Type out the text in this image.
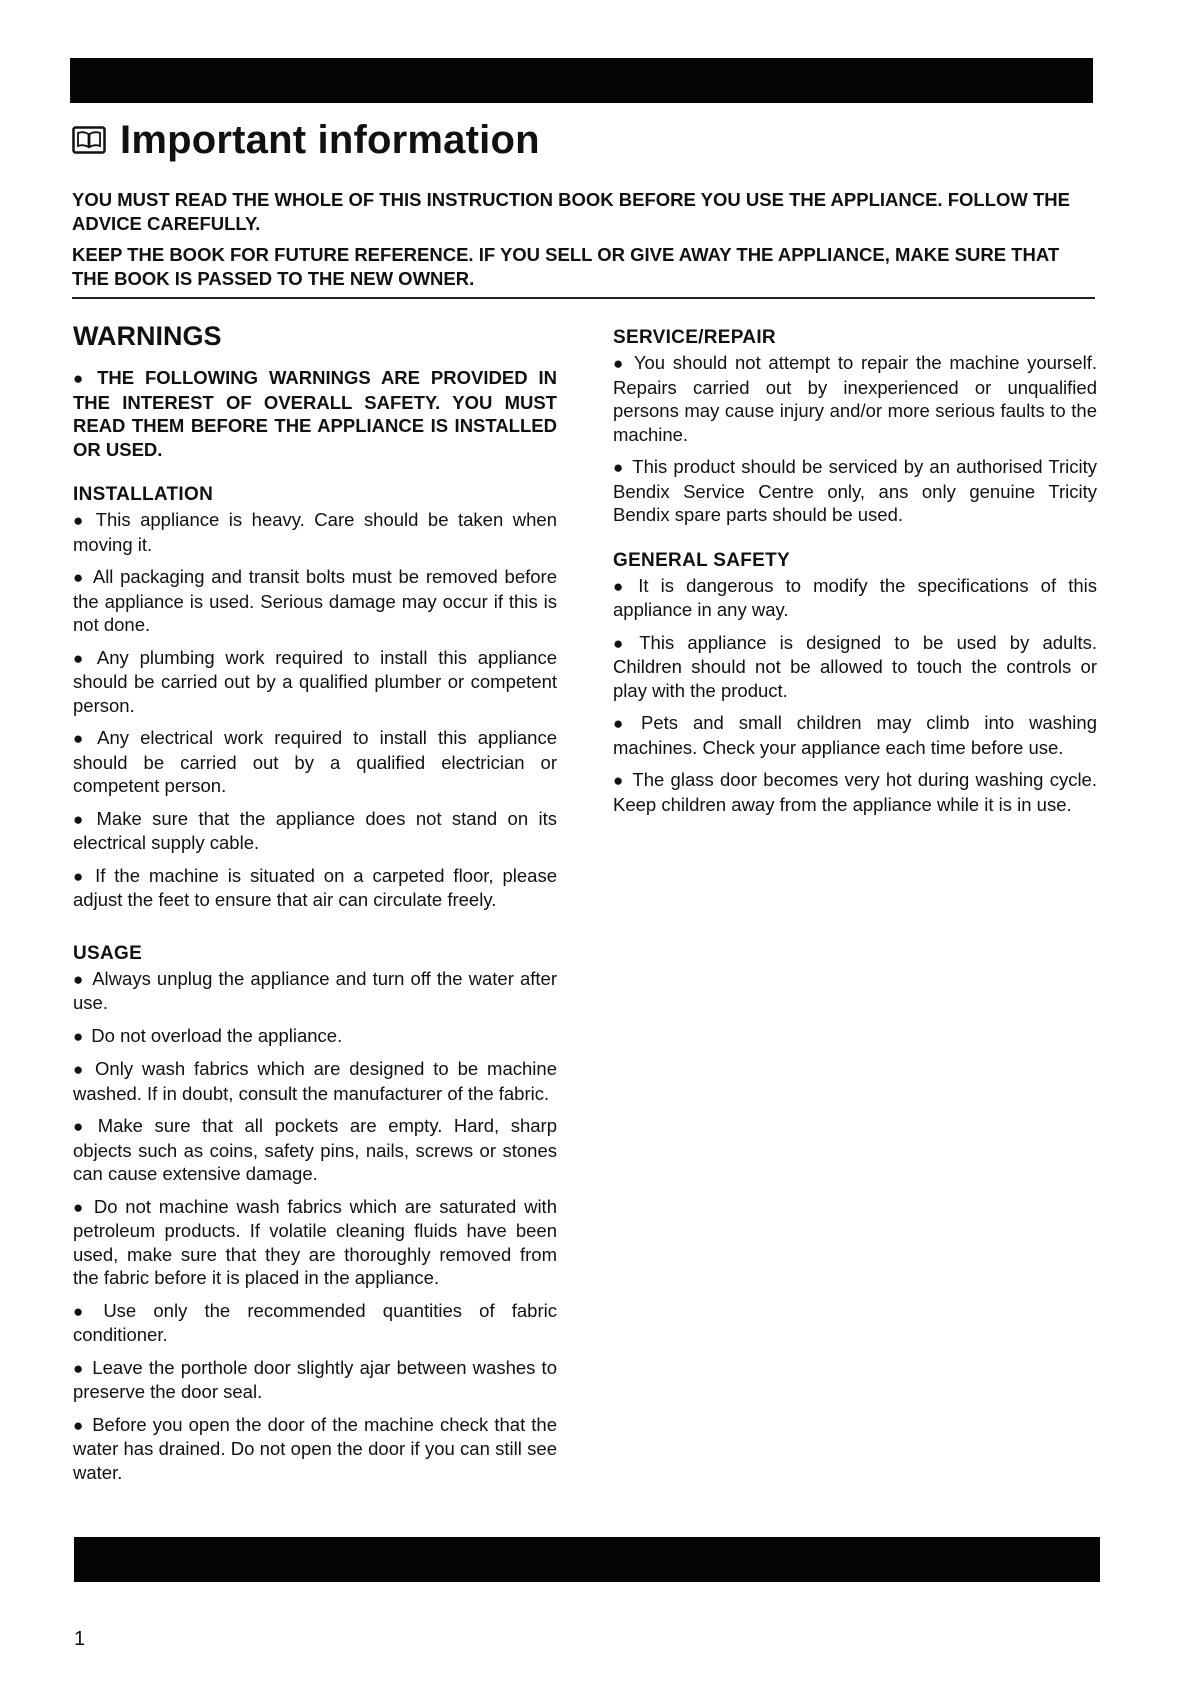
Important information

YOU MUST READ THE WHOLE OF THIS INSTRUCTION BOOK BEFORE YOU USE THE APPLIANCE. FOLLOW THE ADVICE CAREFULLY.

KEEP THE BOOK FOR FUTURE REFERENCE. IF YOU SELL OR GIVE AWAY THE APPLIANCE, MAKE SURE THAT THE BOOK IS PASSED TO THE NEW OWNER.

WARNINGS

● THE FOLLOWING WARNINGS ARE PROVIDED IN THE INTEREST OF OVERALL SAFETY. YOU MUST READ THEM BEFORE THE APPLIANCE IS INSTALLED OR USED.

INSTALLATION

● This appliance is heavy. Care should be taken when moving it.

● All packaging and transit bolts must be removed before the appliance is used. Serious damage may occur if this is not done.

● Any plumbing work required to install this appliance should be carried out by a qualified plumber or competent person.

● Any electrical work required to install this appliance should be carried out by a qualified electrician or competent person.

● Make sure that the appliance does not stand on its electrical supply cable.

● If the machine is situated on a carpeted floor, please adjust the feet to ensure that air can circulate freely.

USAGE

● Always unplug the appliance and turn off the water after use.

● Do not overload the appliance.

● Only wash fabrics which are designed to be machine washed. If in doubt, consult the manufacturer of the fabric.

● Make sure that all pockets are empty. Hard, sharp objects such as coins, safety pins, nails, screws or stones can cause extensive damage.

● Do not machine wash fabrics which are saturated with petroleum products. If volatile cleaning fluids have been used, make sure that they are thoroughly removed from the fabric before it is placed in the appliance.

● Use only the recommended quantities of fabric conditioner.

● Leave the porthole door slightly ajar between washes to preserve the door seal.

● Before you open the door of the machine check that the water has drained. Do not open the door if you can still see water.

SERVICE/REPAIR

● You should not attempt to repair the machine yourself. Repairs carried out by inexperienced or unqualified persons may cause injury and/or more serious faults to the machine.

● This product should be serviced by an authorised Tricity Bendix Service Centre only, ans only genuine Tricity Bendix spare parts should be used.

GENERAL SAFETY

● It is dangerous to modify the specifications of this appliance in any way.

● This appliance is designed to be used by adults. Children should not be allowed to touch the controls or play with the product.

● Pets and small children may climb into washing machines. Check your appliance each time before use.

● The glass door becomes very hot during washing cycle. Keep children away from the appliance while it is in use.

1
